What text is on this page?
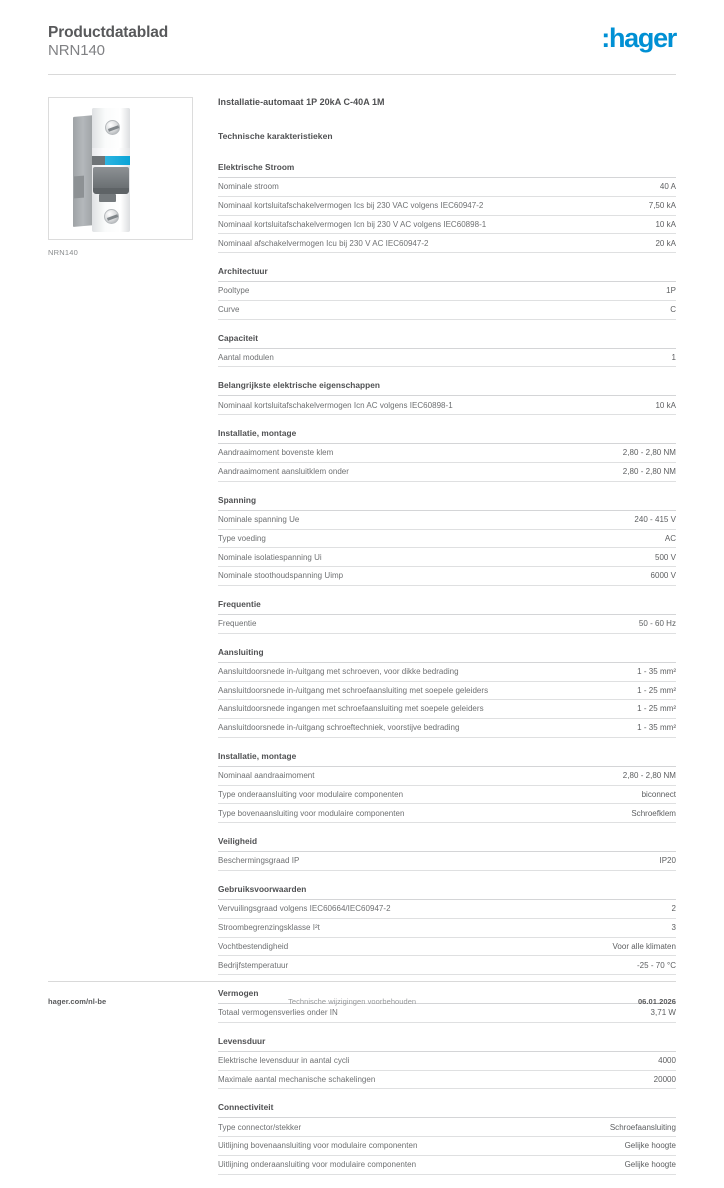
Productdatablad
NRN140	:hager
NRN140
Installatie-automaat 1P 20kA C-40A 1M
Technische karakteristieken
Elektrische Stroom
Nominale stroom	40 A
Nominaal kortsluitafschakelvermogen Ics bij 230 VAC volgens IEC60947-2	7,50 kA
Nominaal kortsluitafschakelvermogen Icn bij 230 V AC volgens IEC60898-1	10 kA
Nominaal afschakelvermogen Icu bij 230 V AC IEC60947-2	20 kA
Architectuur
Pooltype	1P
Curve	C
Capaciteit
Aantal modulen	1
Belangrijkste elektrische eigenschappen
Nominaal kortsluitafschakelvermogen Icn AC volgens IEC60898-1	10 kA
Installatie, montage
Aandraaimoment bovenste klem	2,80 - 2,80 NM
Aandraaimoment aansluitklem onder	2,80 - 2,80 NM
Spanning
Nominale spanning Ue	240 - 415 V
Type voeding	AC
Nominale isolatiespanning Ui	500 V
Nominale stoothoudspanning Uimp	6000 V
Frequentie
Frequentie	50 - 60 Hz
Aansluiting
Aansluitdoorsnede in-/uitgang met schroeven, voor dikke bedrading	1 - 35 mm²
Aansluitdoorsnede in-/uitgang met schroefaansluiting met soepele geleiders	1 - 25 mm²
Aansluitdoorsnede ingangen met schroefaansluiting met soepele geleiders	1 - 25 mm²
Aansluitdoorsnede in-/uitgang schroeftechniek, voorstijve bedrading	1 - 35 mm²
Installatie, montage
Nominaal aandraaimoment	2,80 - 2,80 NM
Type onderaansluiting voor modulaire componenten	biconnect
Type bovenaansluiting voor modulaire componenten	Schroefklem
Veiligheid
Beschermingsgraad IP	IP20
Gebruiksvoorwaarden
Vervuilingsgraad volgens IEC60664/IEC60947-2	2
Stroombegrenzingsklasse I²t	3
Vochtbestendigheid	Voor alle klimaten
Bedrijfstemperatuur	-25 - 70 °C
Vermogen
Totaal vermogensverlies onder IN	3,71 W
Levensduur
Elektrische levensduur in aantal cycli	4000
Maximale aantal mechanische schakelingen	20000
Connectiviteit
Type connector/stekker	Schroefaansluiting
Uitlijning bovenaansluiting voor modulaire componenten	Gelijke hoogte
Uitlijning onderaansluiting voor modulaire componenten	Gelijke hoogte
hager.com/nl-be	Technische wijzigingen voorbehouden	06.01.2026
